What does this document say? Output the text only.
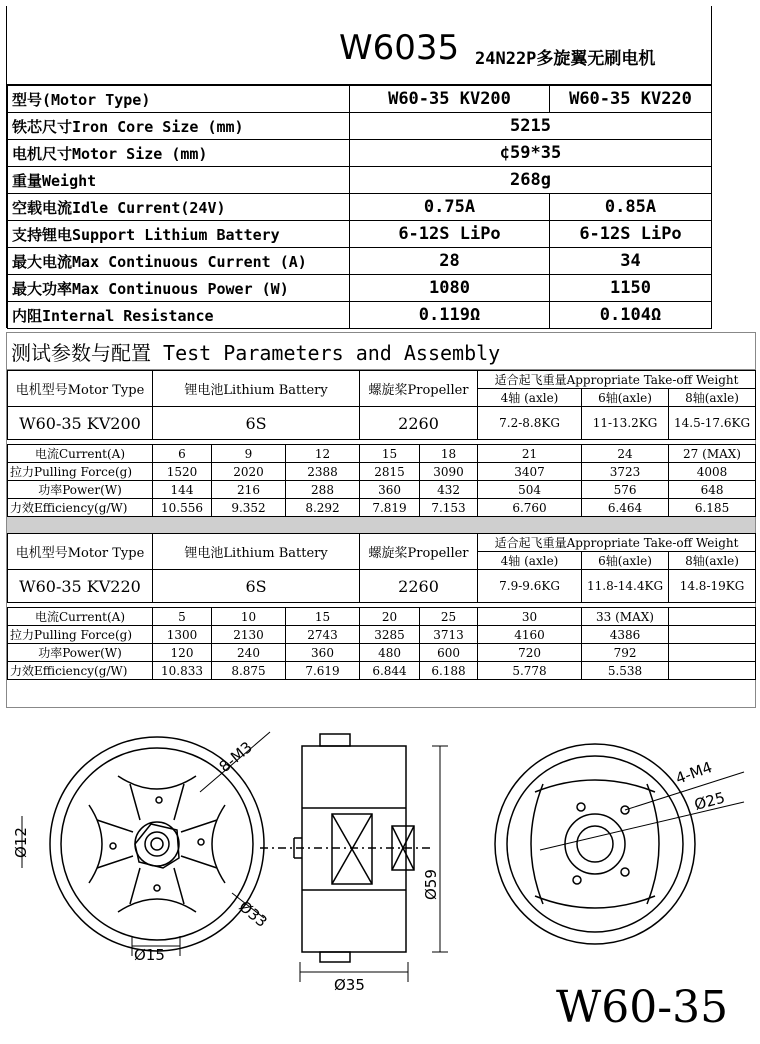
W6035 24N22P多旋翼无刷电机
型号(Motor Type)	W60-35 KV200	W60-35 KV220
铁芯尺寸Iron Core Size (mm)	5215	
电机尺寸Motor Size (mm)	¢59*35	
重量Weight	268g	
空载电流Idle Current(24V)	0.75A	0.85A
支持锂电Support Lithium Battery	6-12S LiPo	6-12S LiPo
最大电流Max Continuous Current (A)	28	34
最大功率Max Continuous Power (W)	1080	1150
内阻Internal Resistance	0.119Ω	0.104Ω
测试参数与配置 Test Parameters and Assembly
电机型号Motor Type	锂电池Lithium Battery			螺旋桨Propeller		适合起飞重量Appropriate Take-off Weight		
						4轴 (axle)	6轴(axle)	8轴(axle)
W60-35 KV200	6S			2260		7.2-8.8KG	11-13.2KG	14.5-17.6KG

电流Current(A)	6	9	12	15	18	21	24	27 (MAX)
拉力Pulling Force(g)	1520	2020	2388	2815	3090	3407	3723	4008
功率Power(W)	144	216	288	360	432	504	576	648
力效Efficiency(g/W)	10.556	9.352	8.292	7.819	7.153	6.760	6.464	6.185
电机型号Motor Type	锂电池Lithium Battery			螺旋桨Propeller		适合起飞重量Appropriate Take-off Weight		
						4轴 (axle)	6轴(axle)	8轴(axle)
W60-35 KV220	6S			2260		7.9-9.6KG	11.8-14.4KG	14.8-19KG

电流Current(A)	5	10	15	20	25	30	33 (MAX)	
拉力Pulling Force(g)	1300	2130	2743	3285	3713	4160	4386	
功率Power(W)	120	240	360	480	600	720	792	
力效Efficiency(g/W)	10.833	8.875	7.619	6.844	6.188	5.778	5.538	
8-M3
Ø12
Ø33
Ø15
Ø59
Ø35
4-M4
Ø25
W60-35
